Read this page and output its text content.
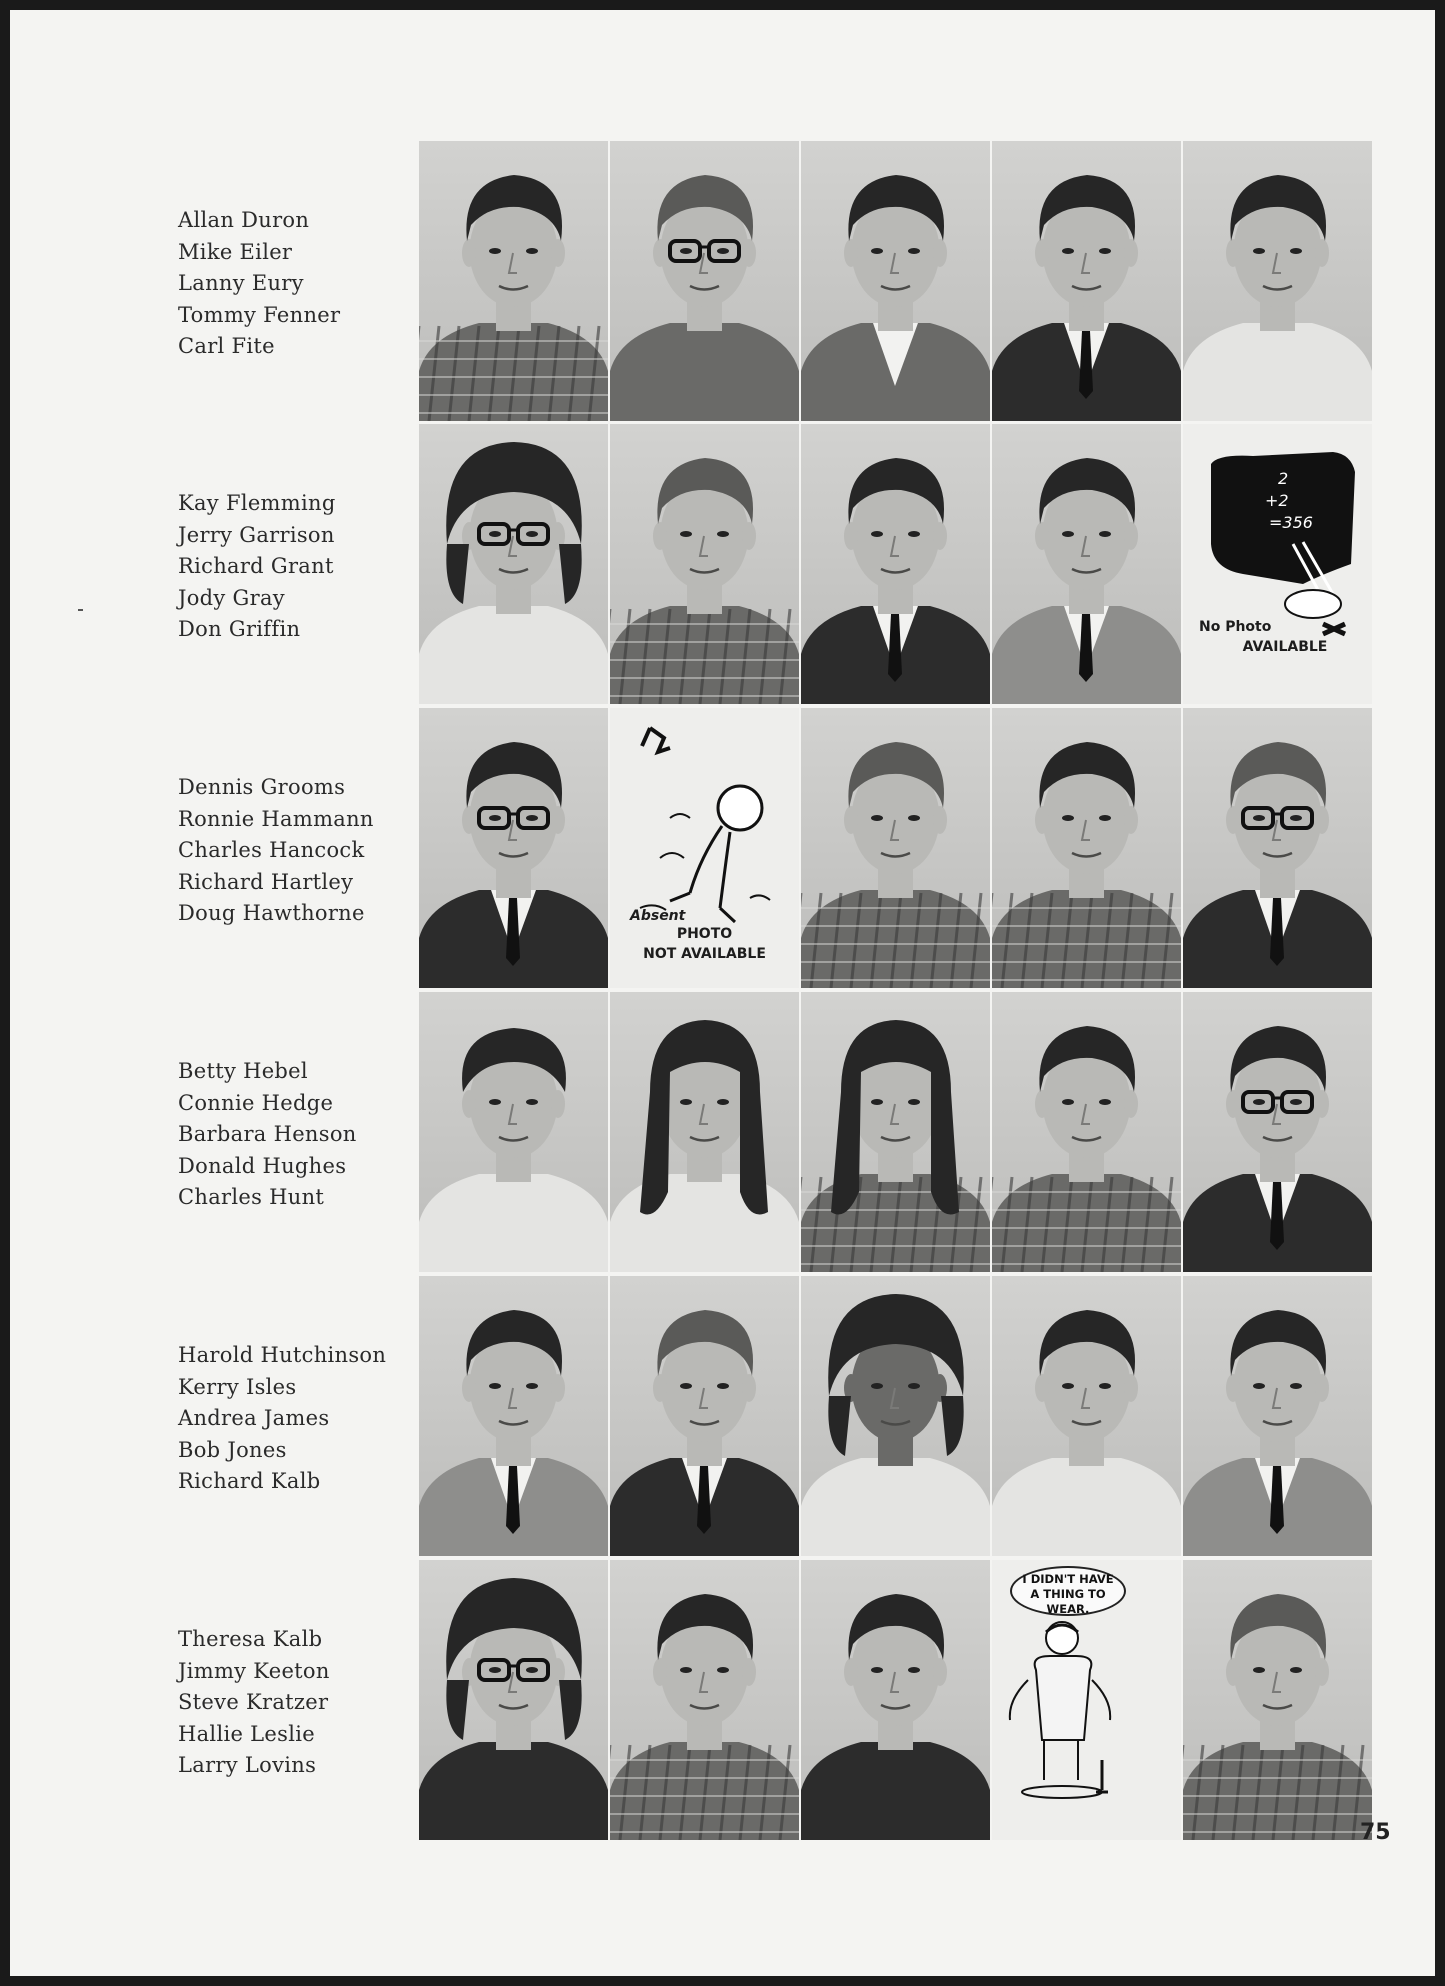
Allan Duron
Mike Eiler
Lanny Eury
Tommy Fenner
Carl Fite
Kay Flemming
Jerry Garrison
Richard Grant
Jody Gray
Don Griffin
2
+2
=356
No Photo
AVAILABLE
Dennis Grooms
Ronnie Hammann
Charles Hancock
Richard Hartley
Doug Hawthorne	Absent
PHOTO
NOT AVAILABLE
Betty Hebel
Connie Hedge
Barbara Henson
Donald Hughes
Charles Hunt
Harold Hutchinson
Kerry Isles
Andrea James
Bob Jones
Richard Kalb
Theresa Kalb
Jimmy Keeton
Steve Kratzer
Hallie Leslie
Larry Lovins
I DIDN'T HAVE
A THING TO
WEAR.
75
